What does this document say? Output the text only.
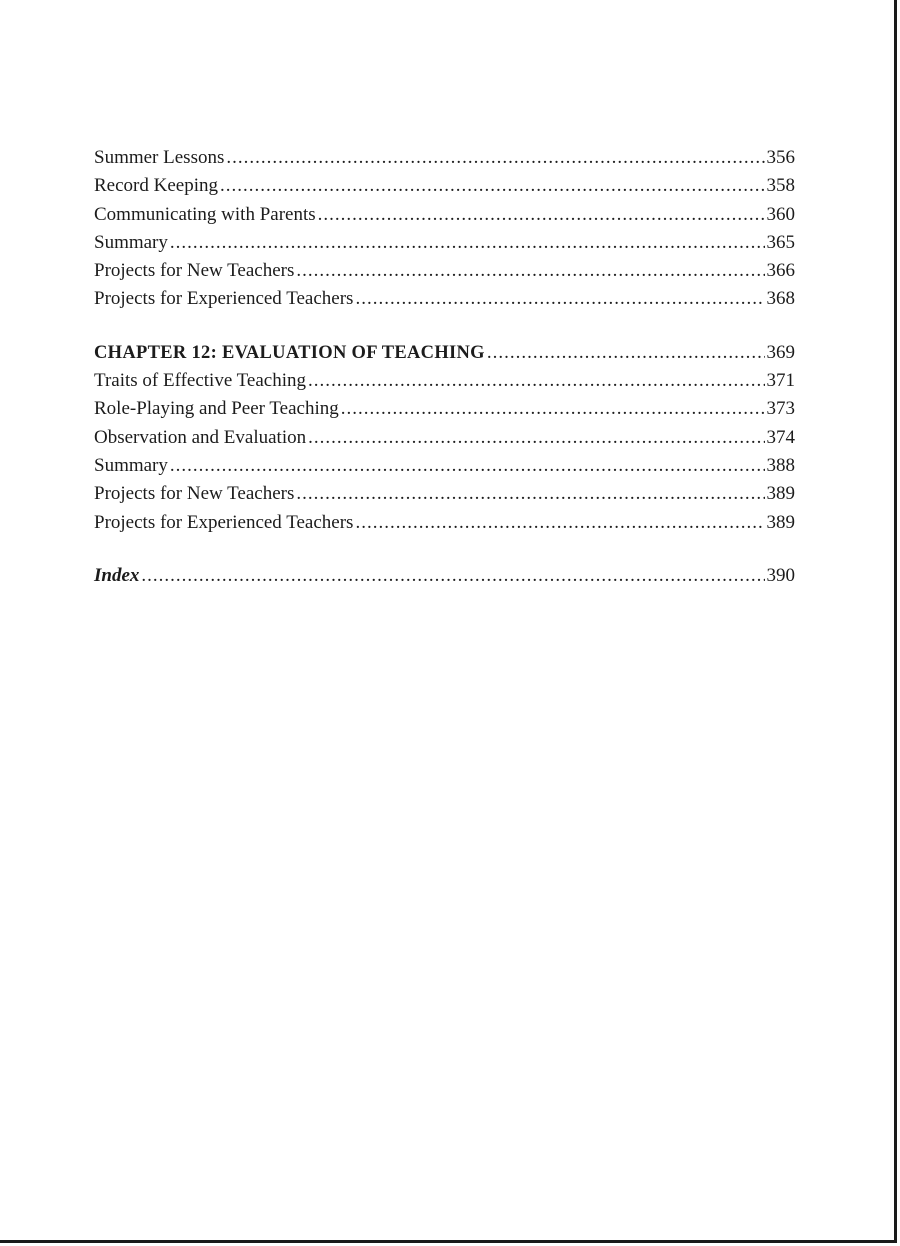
Summer Lessons .....	356
Record Keeping .....	358
Communicating with Parents .....	360
Summary .....	365
Projects for New Teachers .....	366
Projects for Experienced Teachers .....	368
CHAPTER 12: EVALUATION OF TEACHING .....	369
Traits of Effective Teaching .....	371
Role-Playing and Peer Teaching .....	373
Observation and Evaluation .....	374
Summary .....	388
Projects for New Teachers .....	389
Projects for Experienced Teachers .....	389
Index .....	390
